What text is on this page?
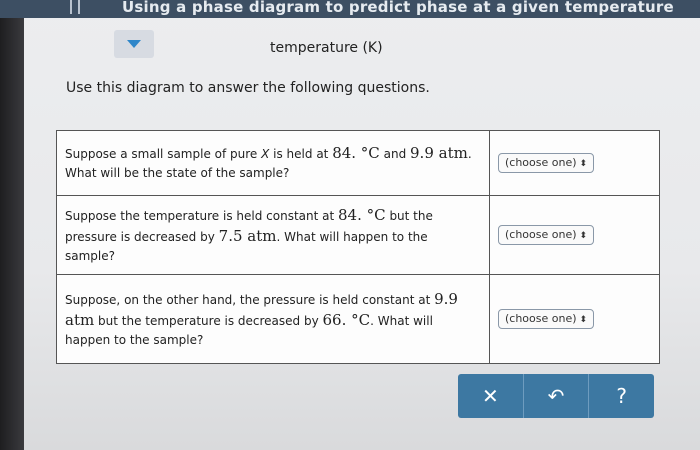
Using a phase diagram to predict phase at a given temperature
temperature (K)
Use this diagram to answer the following questions.
Suppose a small sample of pure X is held at 84. °C and 9.9 atm.
What will be the state of the sample?	(choose one) ⬍
Suppose the temperature is held constant at 84. °C but the pressure is decreased by 7.5 atm. What will happen to the sample?	(choose one) ⬍
Suppose, on the other hand, the pressure is held constant at 9.9 atm but the temperature is decreased by 66. °C. What will happen to the sample?	(choose one) ⬍
✕ ↶	?
